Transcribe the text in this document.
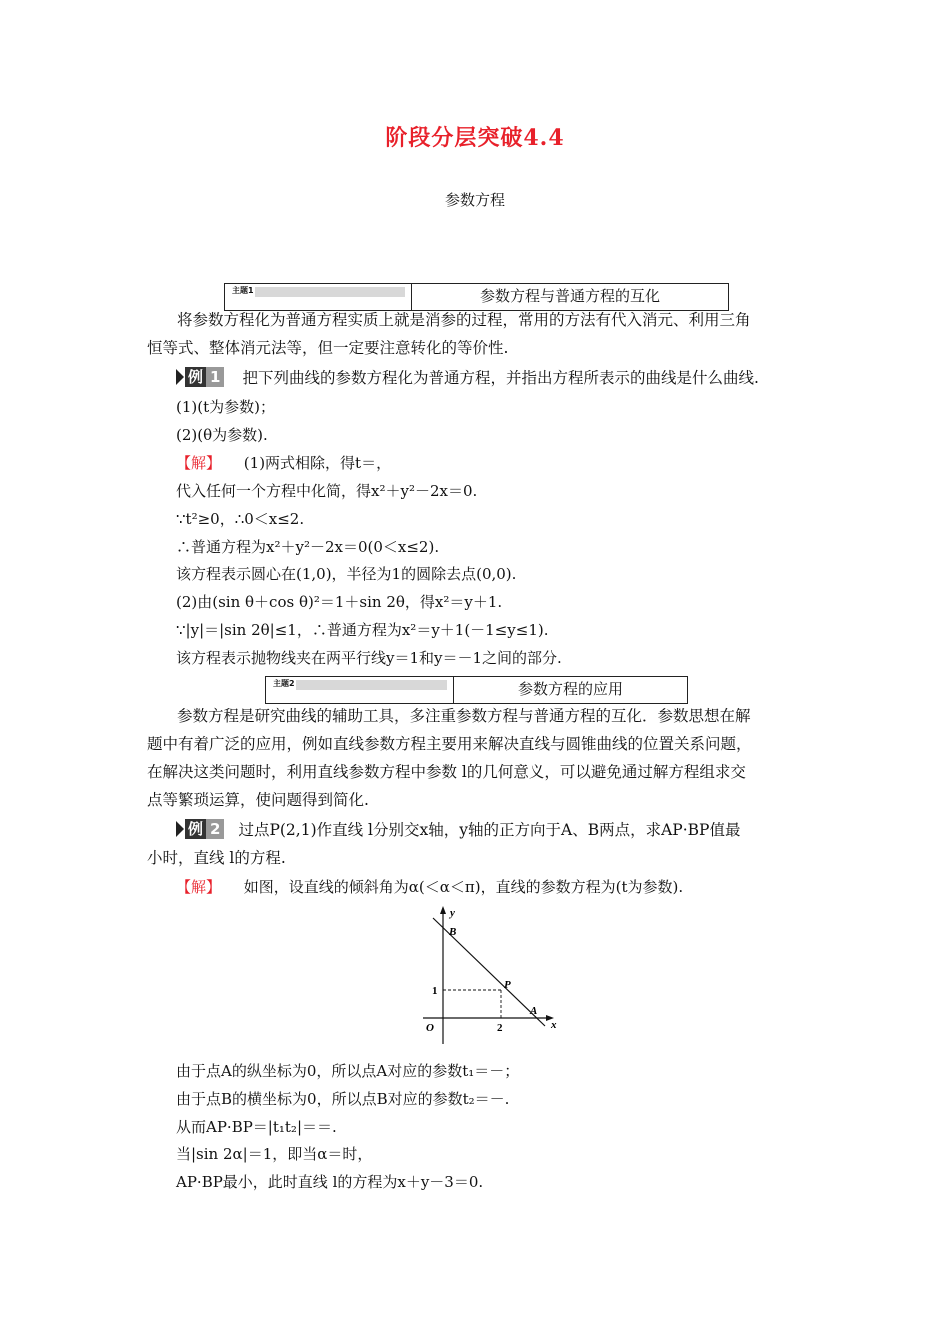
阶段分层突破4.4
参数方程
主题1	参数方程与普通方程的互化
将参数方程化为普通方程实质上就是消参的过程，常用的方法有代入消元、利用三角
恒等式、整体消元法等，但一定要注意转化的等价性.
例 1 把下列曲线的参数方程化为普通方程，并指出方程所表示的曲线是什么曲线.
(1)(t为参数)；
(2)(θ为参数).
【解】 (1)两式相除，得t＝，
代入任何一个方程中化简，得x²＋y²－2x＝0.
∵t²≥0，∴0＜x≤2.
∴普通方程为x²＋y²－2x＝0(0＜x≤2).
该方程表示圆心在(1,0)，半径为1的圆除去点(0,0).
(2)由(sin θ＋cos θ)²＝1＋sin 2θ，得x²＝y＋1.
∵|y|＝|sin 2θ|≤1，∴普通方程为x²＝y＋1(－1≤y≤1).
该方程表示抛物线夹在两平行线y＝1和y＝－1之间的部分.
主题2	参数方程的应用
参数方程是研究曲线的辅助工具，多注重参数方程与普通方程的互化．参数思想在解
题中有着广泛的应用，例如直线参数方程主要用来解决直线与圆锥曲线的位置关系问题，
在解决这类问题时，利用直线参数方程中参数 l的几何意义，可以避免通过解方程组求交
点等繁琐运算，使问题得到简化.
例 2 过点P(2,1)作直线 l分别交x轴，y轴的正方向于A、B两点，求AP·BP值最
小时，直线 l的方程.
【解】 如图，设直线的倾斜角为α(＜α＜π)，直线的参数方程为(t为参数).
y
x
B
P
A
O
1
2
由于点A的纵坐标为0，所以点A对应的参数t₁＝－；
由于点B的横坐标为0，所以点B对应的参数t₂＝－.
从而AP·BP＝|t₁t₂|＝＝.
当|sin 2α|＝1，即当α＝时，
AP·BP最小，此时直线 l的方程为x＋y－3＝0.
